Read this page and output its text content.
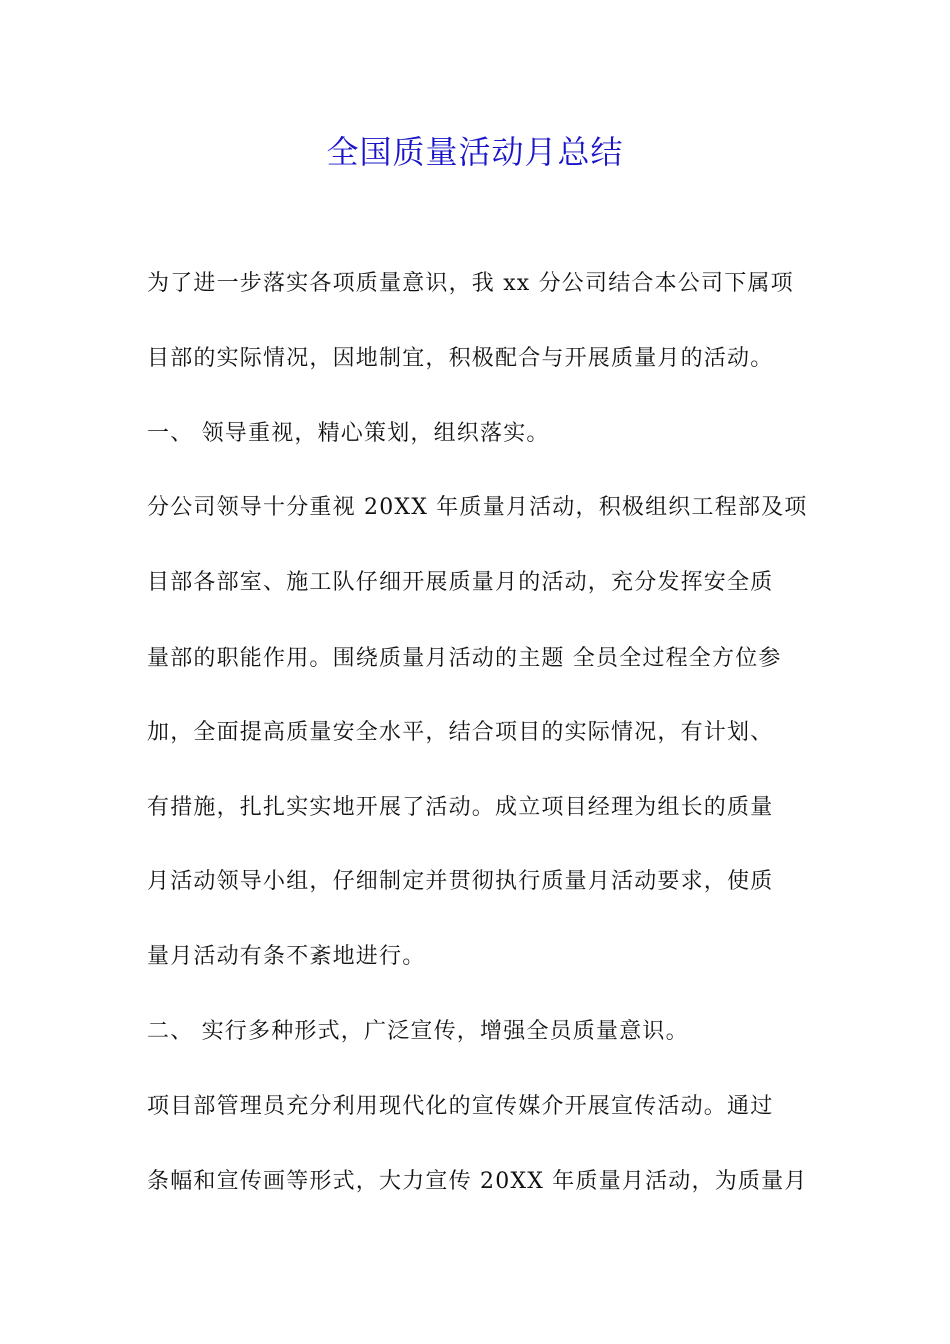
全国质量活动月总结
为了进一步落实各项质量意识，我 xx 分公司结合本公司下属项
目部的实际情况，因地制宜，积极配合与开展质量月的活动。
一、 领导重视，精心策划，组织落实。
分公司领导十分重视 20XX 年质量月活动，积极组织工程部及项
目部各部室、施工队仔细开展质量月的活动，充分发挥安全质
量部的职能作用。围绕质量月活动的主题 全员全过程全方位参
加，全面提高质量安全水平，结合项目的实际情况，有计划、
有措施，扎扎实实地开展了活动。成立项目经理为组长的质量
月活动领导小组，仔细制定并贯彻执行质量月活动要求，使质
量月活动有条不紊地进行。
二、 实行多种形式，广泛宣传，增强全员质量意识。
项目部管理员充分利用现代化的宣传媒介开展宣传活动。通过
条幅和宣传画等形式，大力宣传 20XX 年质量月活动，为质量月
